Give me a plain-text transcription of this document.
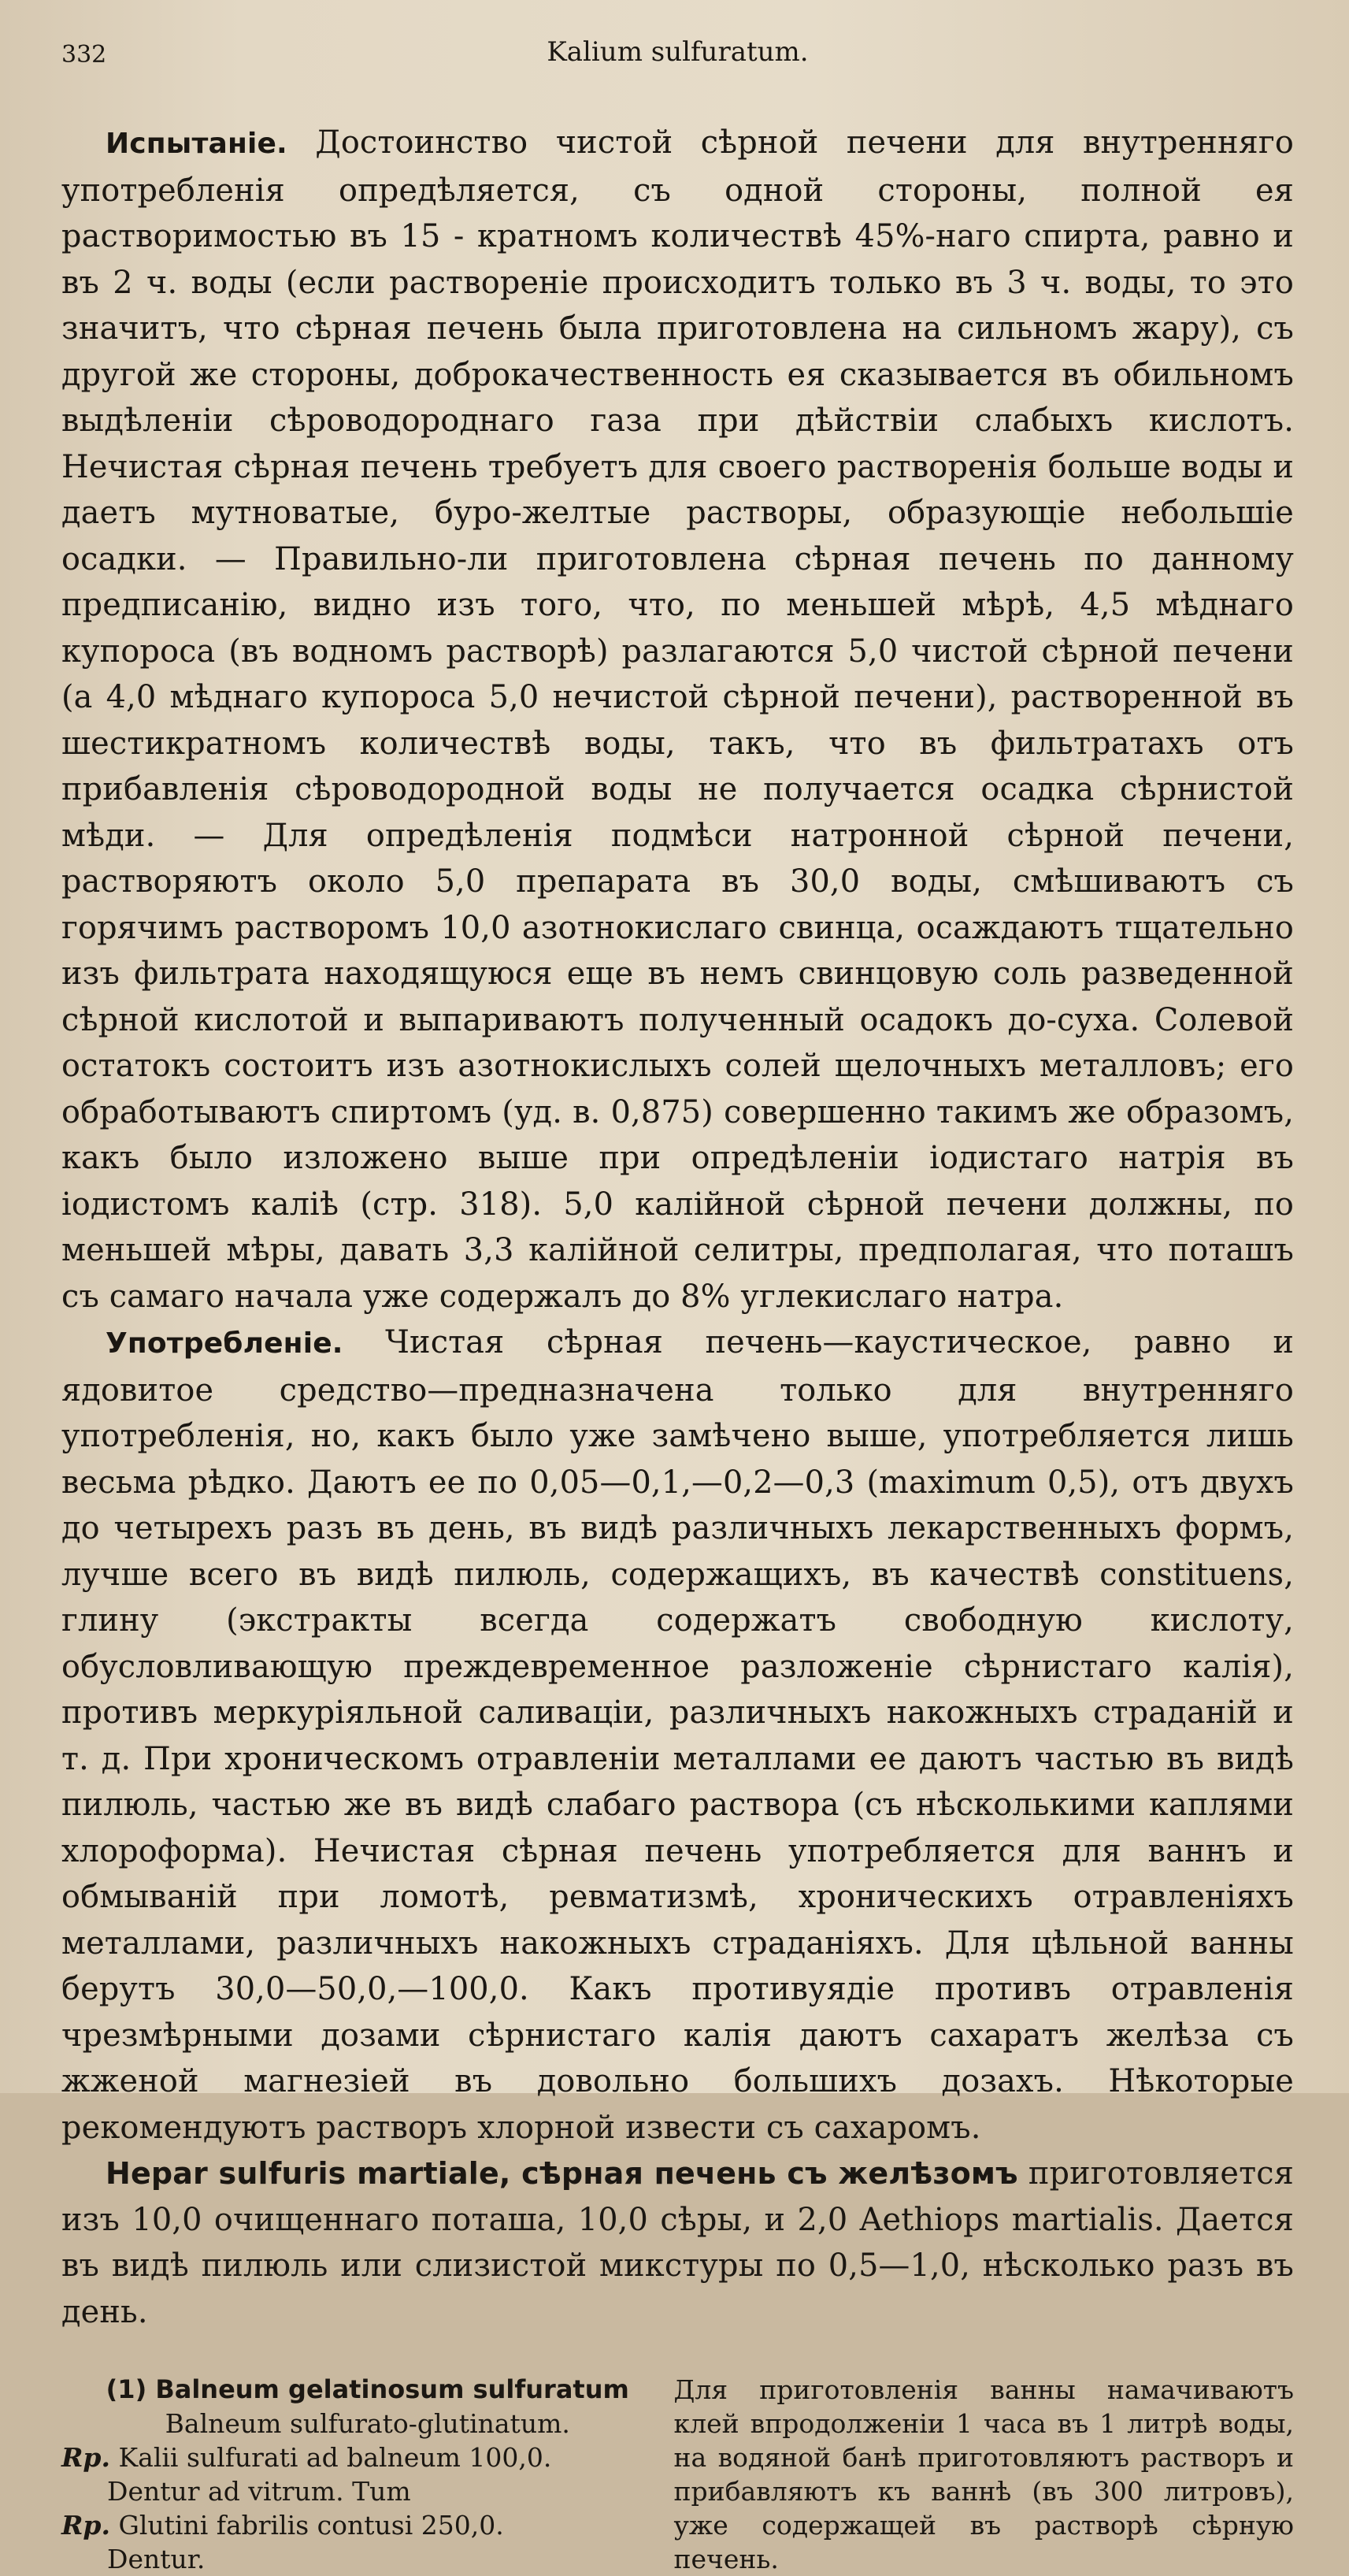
332	Kalium sulfuratum.

Испытаніе. Достоинство чистой сѣрной печени для внутренняго употребленія опредѣляется, съ одной стороны, полной ея растворимостью въ 15 - кратномъ количествѣ 45%-наго спирта, равно и въ 2 ч. воды (если растворенiе происходитъ только въ 3 ч. воды, то это значитъ, что сѣрная печень была приготовлена на сильномъ жару), съ другой же стороны, доброкачественность ея сказывается въ обильномъ выдѣленіи сѣроводороднаго газа при дѣйствіи слабыхъ кислотъ. Нечистая сѣрная печень требуетъ для своего растворенія больше воды и даетъ мутноватые, буро-желтые растворы, образующіе небольшіе осадки. — Правильно-ли приготовлена сѣрная печень по данному предписанію, видно изъ того, что, по меньшей мѣрѣ, 4,5 мѣднаго купороса (въ водномъ растворѣ) разлагаются 5,0 чистой сѣрной печени (а 4,0 мѣднаго купороса 5,0 нечистой сѣрной печени), растворенной въ шестикратномъ количествѣ воды, такъ, что въ фильтратахъ отъ прибавленія сѣроводородной воды не получается осадка сѣрнистой мѣди. — Для опредѣленія подмѣси натронной сѣрной печени, растворяютъ около 5,0 препарата въ 30,0 воды, смѣшиваютъ съ горячимъ растворомъ 10,0 азотнокислаго свинца, осаждаютъ тщательно изъ фильтрата находящуюся еще въ немъ свинцовую соль разведенной сѣрной кислотой и выпариваютъ полученный осадокъ до-суха. Солевой остатокъ состоитъ изъ азотнокислыхъ солей щелочныхъ металловъ; его обработываютъ спиртомъ (уд. в. 0,875) совершенно такимъ же образомъ, какъ было изложено выше при опредѣленіи іодистаго натрія въ іодистомъ каліѣ (стр. 318). 5,0 калійной сѣрной печени должны, по меньшей мѣры, давать 3,3 калійной селитры, предполагая, что поташъ съ самаго начала уже содержалъ до 8% углекислаго натра.

Употребленіе. Чистая сѣрная печень—каустическое, равно и ядовитое средство—предназначена только для внутренняго употребленія, но, какъ было уже замѣчено выше, употребляется лишь весьма рѣдко. Даютъ ее по 0,05—0,1,—0,2—0,3 (maximum 0,5), отъ двухъ до четырехъ разъ въ день, въ видѣ различныхъ лекарственныхъ формъ, лучше всего въ видѣ пилюль, содержащихъ, въ качествѣ constituens, глину (экстракты всегда содержатъ свободную кислоту, обусловливающую преждевременное разложеніе сѣрнистаго калія), противъ меркуріяльной саливаціи, различныхъ накожныхъ страданій и т. д. При хроническомъ отравленіи металлами ее даютъ частью въ видѣ пилюль, частью же въ видѣ слабаго раствора (съ нѣсколькими каплями хлороформа). Нечистая сѣрная печень употребляется для ваннъ и обмываній при ломотѣ, ревматизмѣ, хроническихъ отравленіяхъ металлами, различныхъ накожныхъ страданіяхъ. Для цѣльной ванны берутъ 30,0—50,0,—100,0. Какъ противуядіе противъ отравленія чрезмѣрными дозами сѣрнистаго калія даютъ сахаратъ желѣза съ жженой магнезіей въ довольно большихъ дозахъ. Нѣкоторые рекомендуютъ растворъ хлорной извести съ сахаромъ.

Hepar sulfuris martiale, сѣрная печень съ желѣзомъ приготовляется изъ 10,0 очищеннаго поташа, 10,0 сѣры, и 2,0 Aethiops martialis. Дается въ видѣ пилюль или слизистой микстуры по 0,5—1,0, нѣсколько разъ въ день.

(1) Balneum gelatinosum sulfuratum
Balneum sulfurato-glutinatum.
Rp. Kalii sulfurati ad balneum 100,0.
Dentur ad vitrum. Tum
Rp. Glutini fabrilis contusi 250,0.
Dentur.
Для приготовленія ванны намачиваютъ клей впродолженіи 1 часа въ 1 литрѣ воды, на водяной банѣ приготовляютъ растворъ и прибавляютъ къ ваннѣ (въ 300 литровъ), уже содержащей въ растворѣ сѣрную печень.
